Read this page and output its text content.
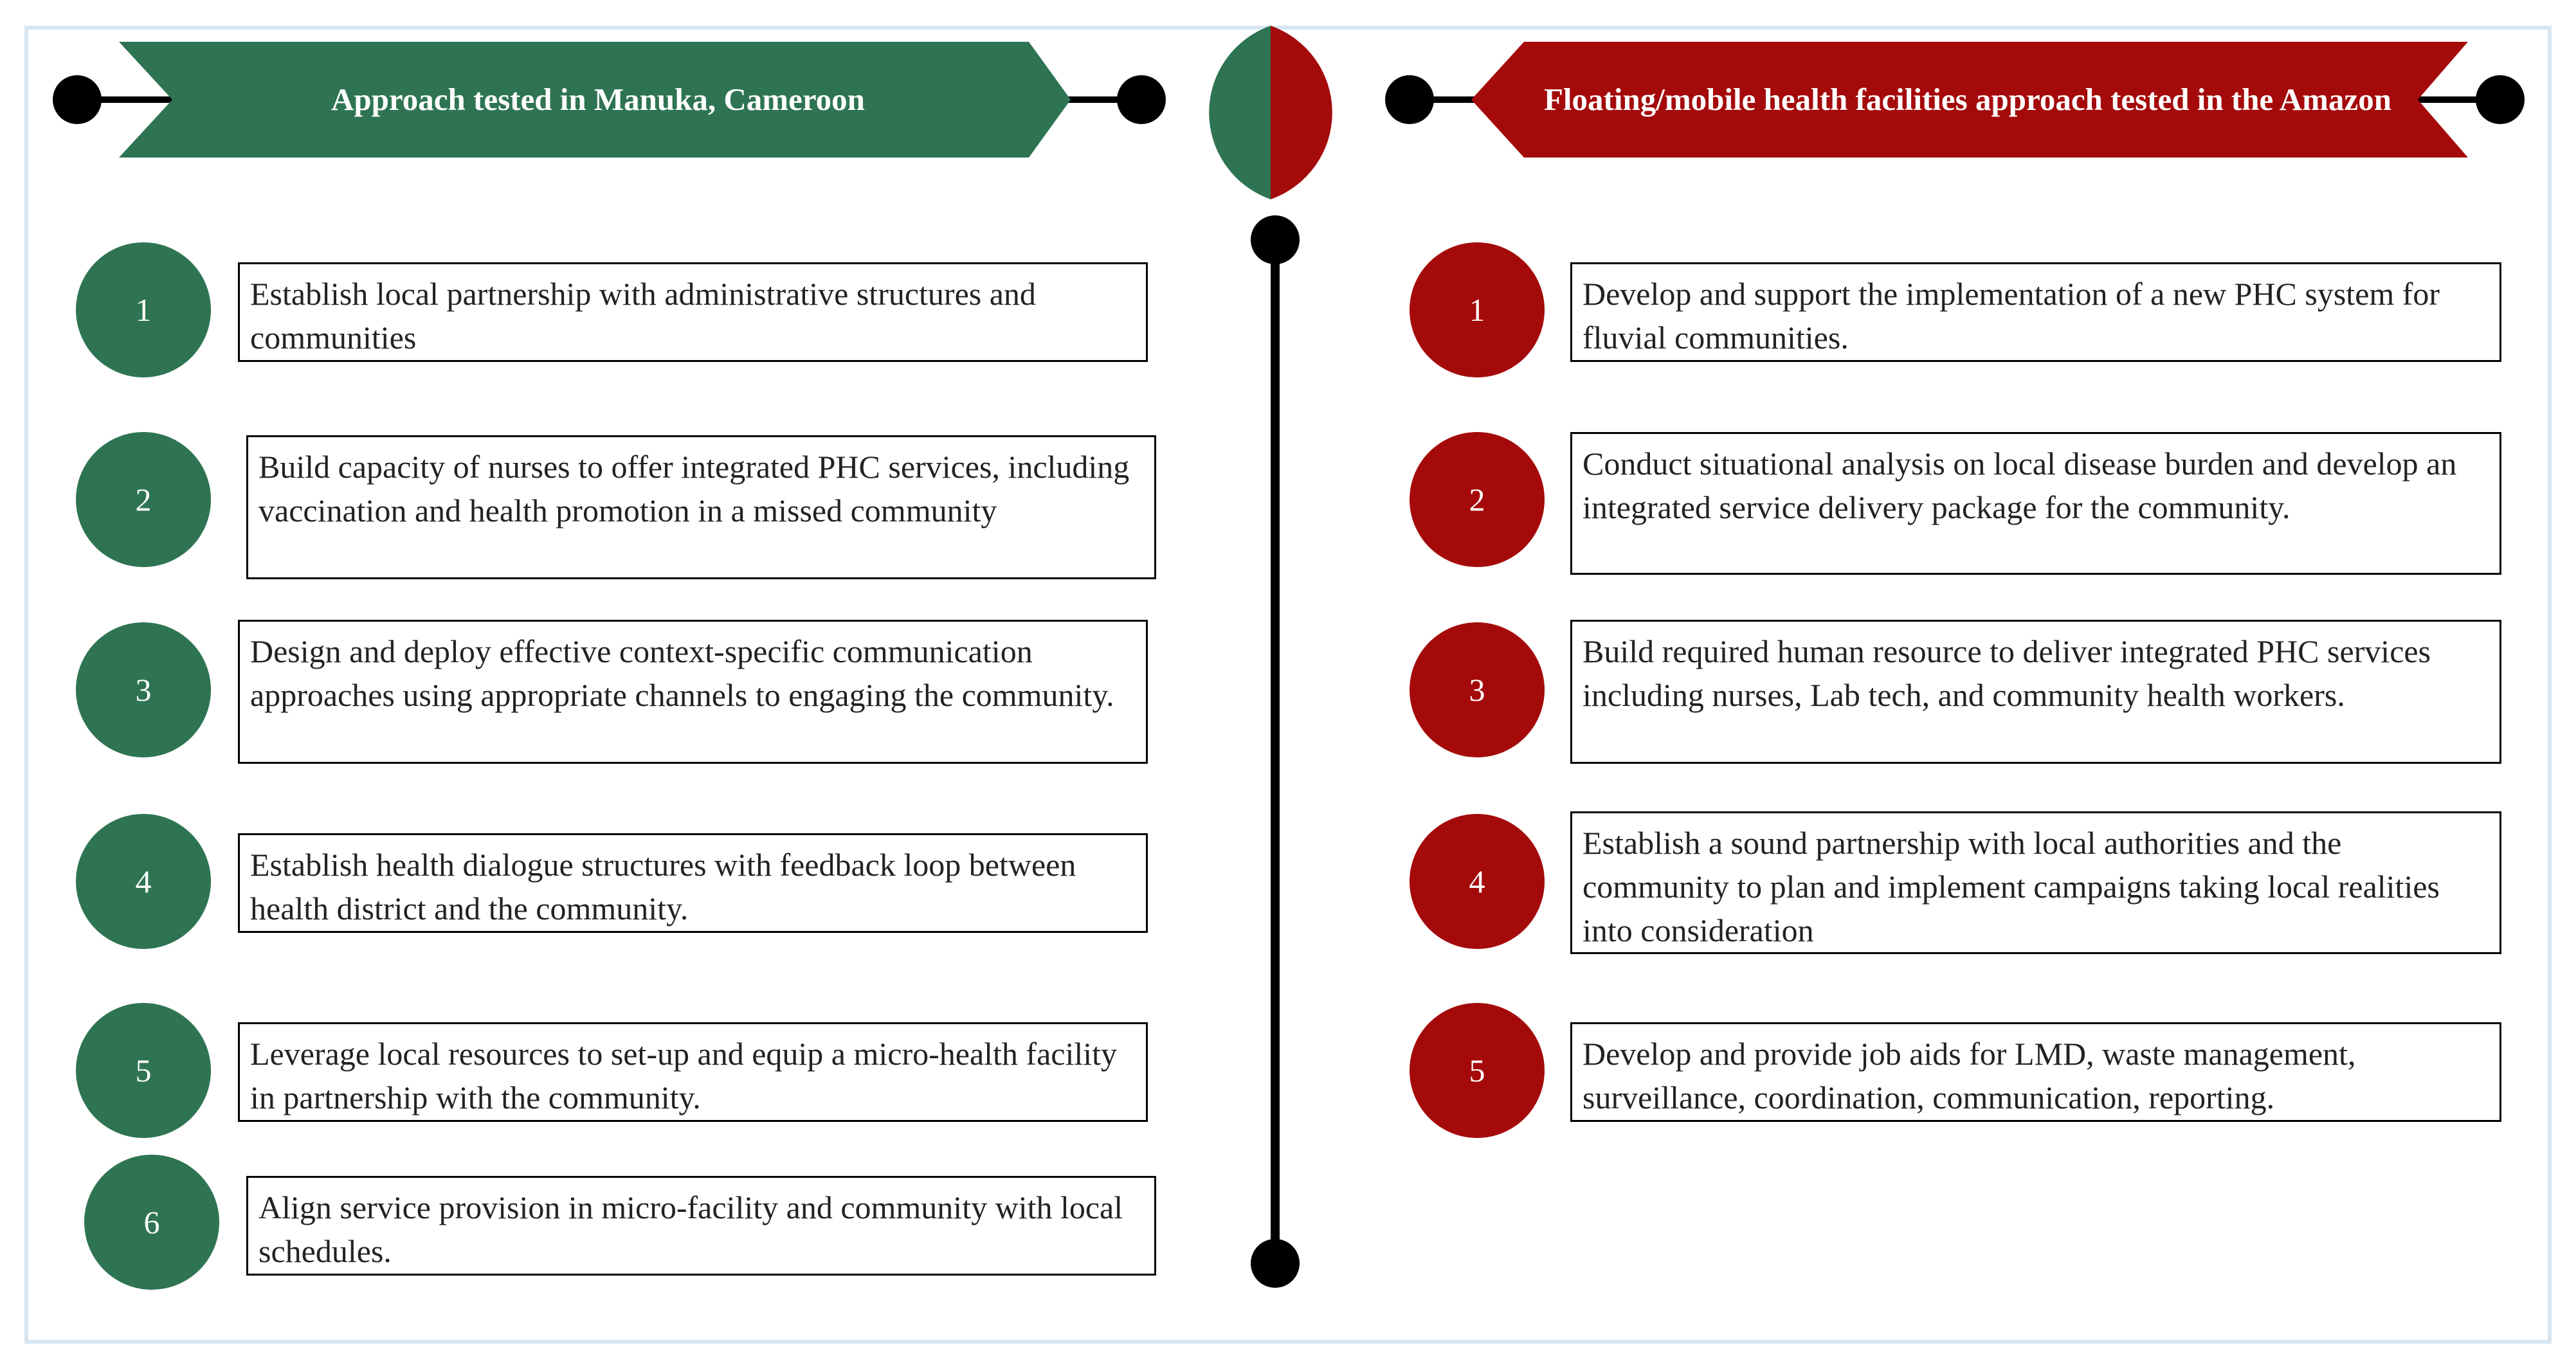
Approach tested in Manuka, Cameroon	Floating/mobile health facilities approach tested in the Amazon
1	Establish local partnership with administrative structures and communities
2
Build capacity of nurses to offer integrated PHC services, including vaccination and health promotion in a missed community
3
Design and deploy effective context-specific communication approaches using appropriate channels to engaging the community.
4	Establish health dialogue structures with feedback loop between health district and the community.
5	Leverage local resources to set-up and equip a micro-health facility in partnership with the community.
6	Align service provision in micro-facility and community with local schedules.
1	Develop and support the implementation of a new PHC system for fluvial communities.
2
Conduct situational analysis on local disease burden and develop an integrated service delivery package for the community.
3
Build required human resource to deliver integrated PHC services including nurses, Lab tech, and community health workers.
4
Establish a sound partnership with local authorities and the community to plan and implement campaigns taking local realities into consideration
5	Develop and provide job aids for LMD, waste management, surveillance, coordination, communication, reporting.
